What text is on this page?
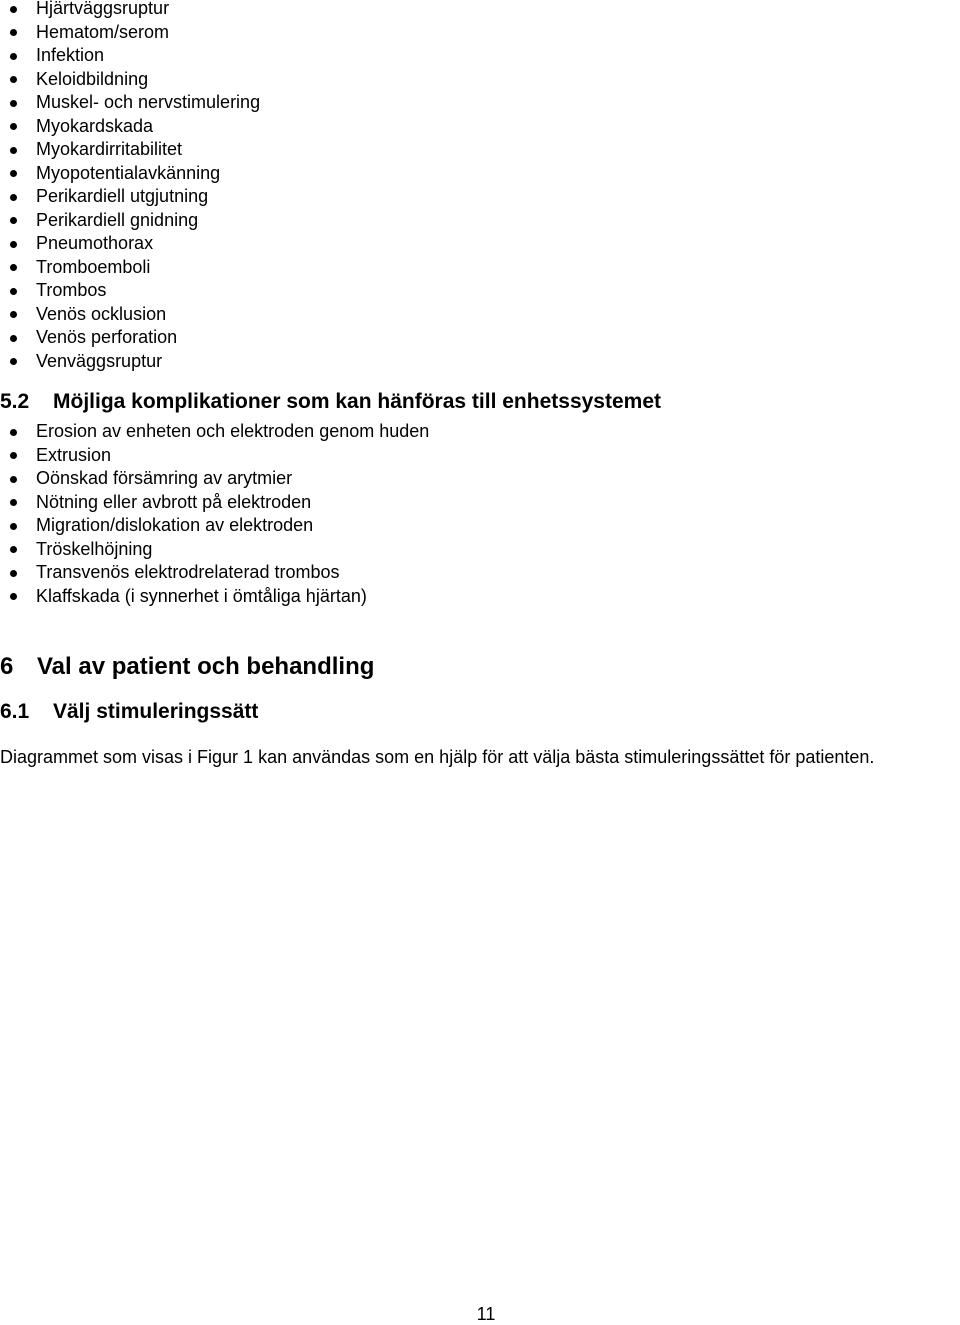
Hjärtväggsruptur
Hematom/serom
Infektion
Keloidbildning
Muskel- och nervstimulering
Myokardskada
Myokardirritabilitet
Myopotentialavkänning
Perikardiell utgjutning
Perikardiell gnidning
Pneumothorax
Tromboemboli
Trombos
Venös ocklusion
Venös perforation
Venväggsruptur
5.2 Möjliga komplikationer som kan hänföras till enhetssystemet
Erosion av enheten och elektroden genom huden
Extrusion
Oönskad försämring av arytmier
Nötning eller avbrott på elektroden
Migration/dislokation av elektroden
Tröskelhöjning
Transvenös elektrodrelaterad trombos
Klaffskada (i synnerhet i ömtåliga hjärtan)
6 Val av patient och behandling
6.1 Välj stimuleringssätt
Diagrammet som visas i Figur 1 kan användas som en hjälp för att välja bästa stimuleringssättet för patienten.
11
